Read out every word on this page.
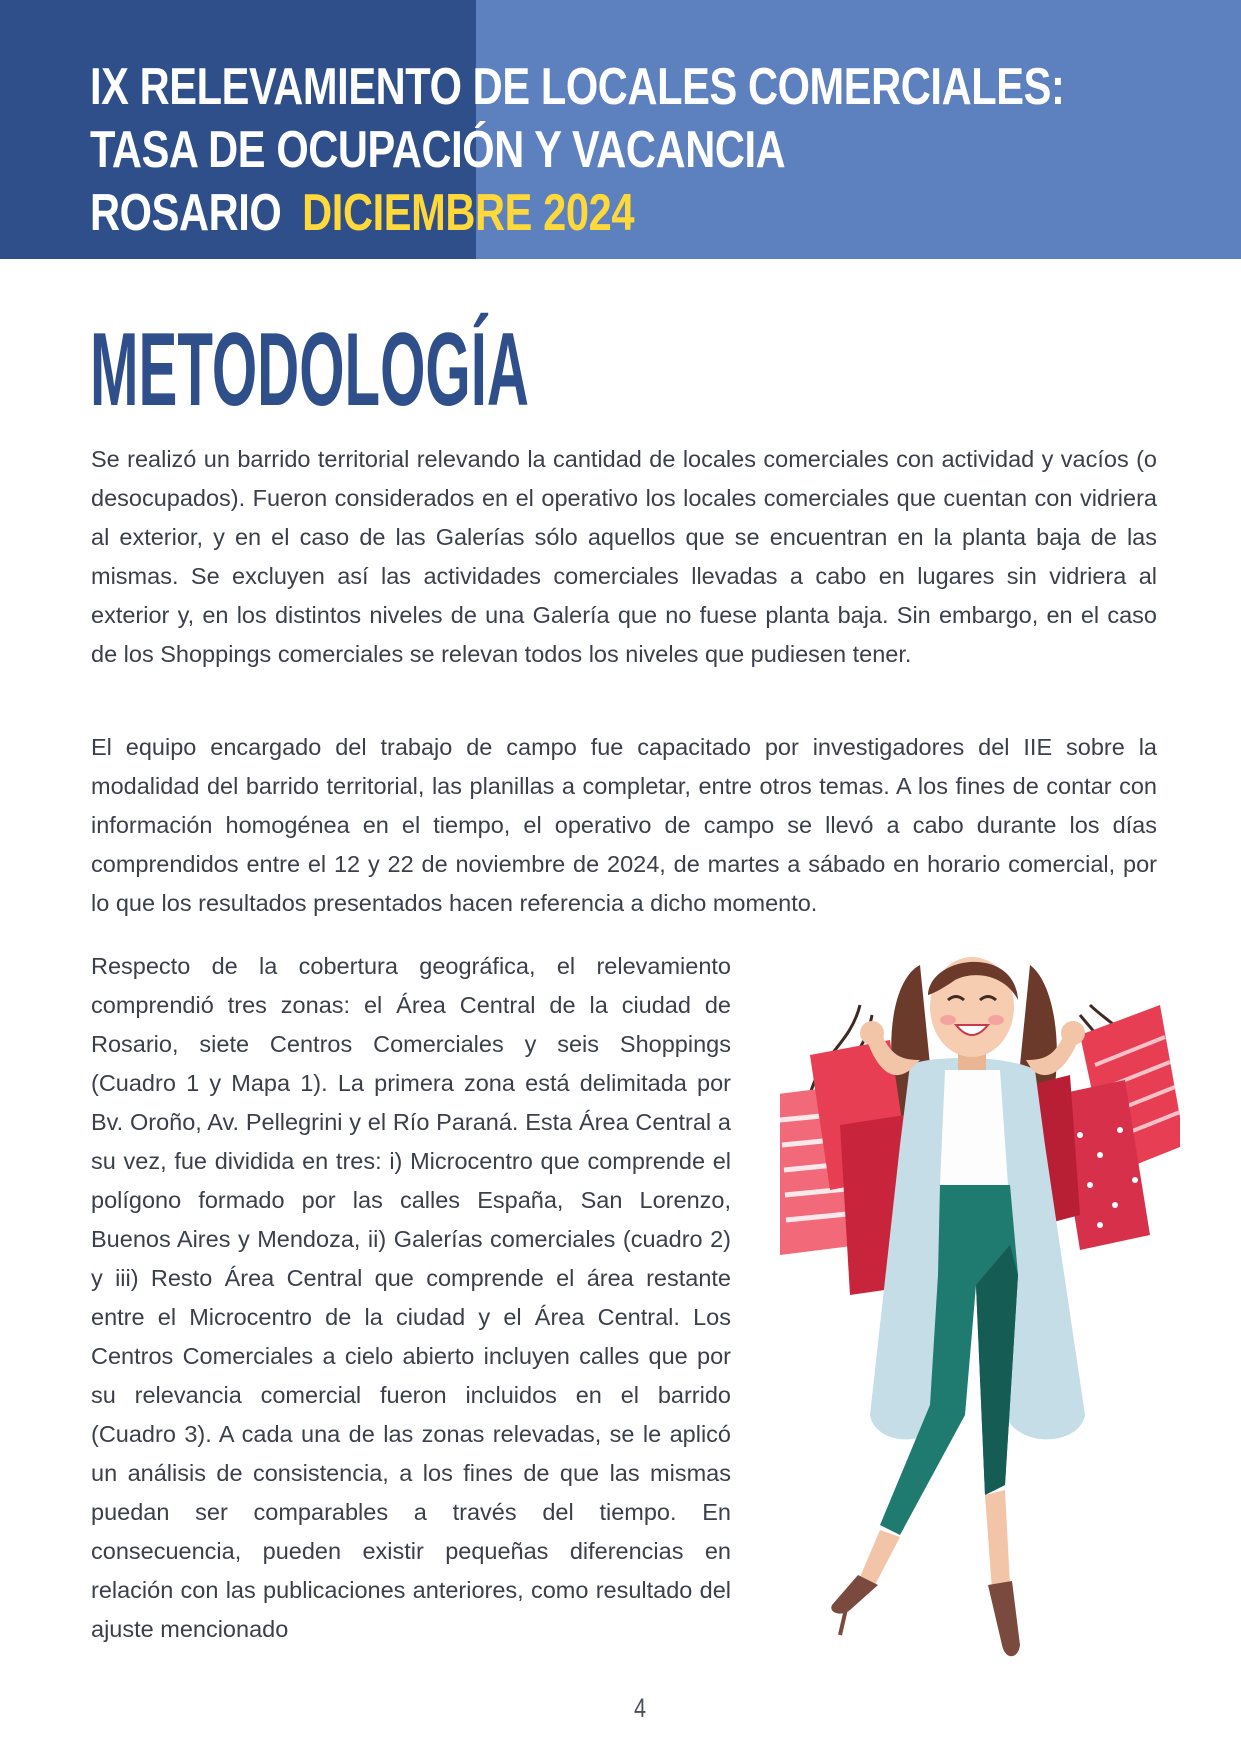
IX RELEVAMIENTO DE LOCALES COMERCIALES:
TASA DE OCUPACIÓN Y VACANCIA
ROSARIO DICIEMBRE 2024
METODOLOGÍA

Se realizó un barrido territorial relevando la cantidad de locales comerciales con actividad y vacíos (o desocupados). Fueron considerados en el operativo los locales comerciales que cuentan con vidriera al exterior, y en el caso de las Galerías sólo aquellos que se encuentran en la planta baja de las mismas. Se excluyen así las actividades comerciales llevadas a cabo en lugares sin vidriera al exterior y, en los distintos niveles de una Galería que no fuese planta baja. Sin embargo, en el caso de los Shoppings comerciales se relevan todos los niveles que pudiesen tener.

El equipo encargado del trabajo de campo fue capacitado por investigadores del IIE sobre la modalidad del barrido territorial, las planillas a completar, entre otros temas. A los fines de contar con información homogénea en el tiempo, el operativo de campo se llevó a cabo durante los días comprendidos entre el 12 y 22 de noviembre de 2024, de martes a sábado en horario comercial, por lo que los resultados presentados hacen referencia a dicho momento.

Respecto de la cobertura geográfica, el relevamiento comprendió tres zonas: el Área Central de la ciudad de Rosario, siete Centros Comerciales y seis Shoppings (Cuadro 1 y Mapa 1). La primera zona está delimitada por Bv. Oroño, Av. Pellegrini y el Río Paraná. Esta Área Central a su vez, fue dividida en tres: i) Microcentro que comprende el polígono formado por las calles España, San Lorenzo, Buenos Aires y Mendoza, ii) Galerías comerciales (cuadro 2) y iii) Resto Área Central que comprende el área restante entre el Microcentro de la ciudad y el Área Central. Los Centros Comerciales a cielo abierto incluyen calles que por su relevancia comercial fueron incluidos en el barrido (Cuadro 3). A cada una de las zonas relevadas, se le aplicó un análisis de consistencia, a los fines de que las mismas puedan ser comparables a través del tiempo. En consecuencia, pueden existir pequeñas diferencias en relación con las publicaciones anteriores, como resultado del ajuste mencionado

4
